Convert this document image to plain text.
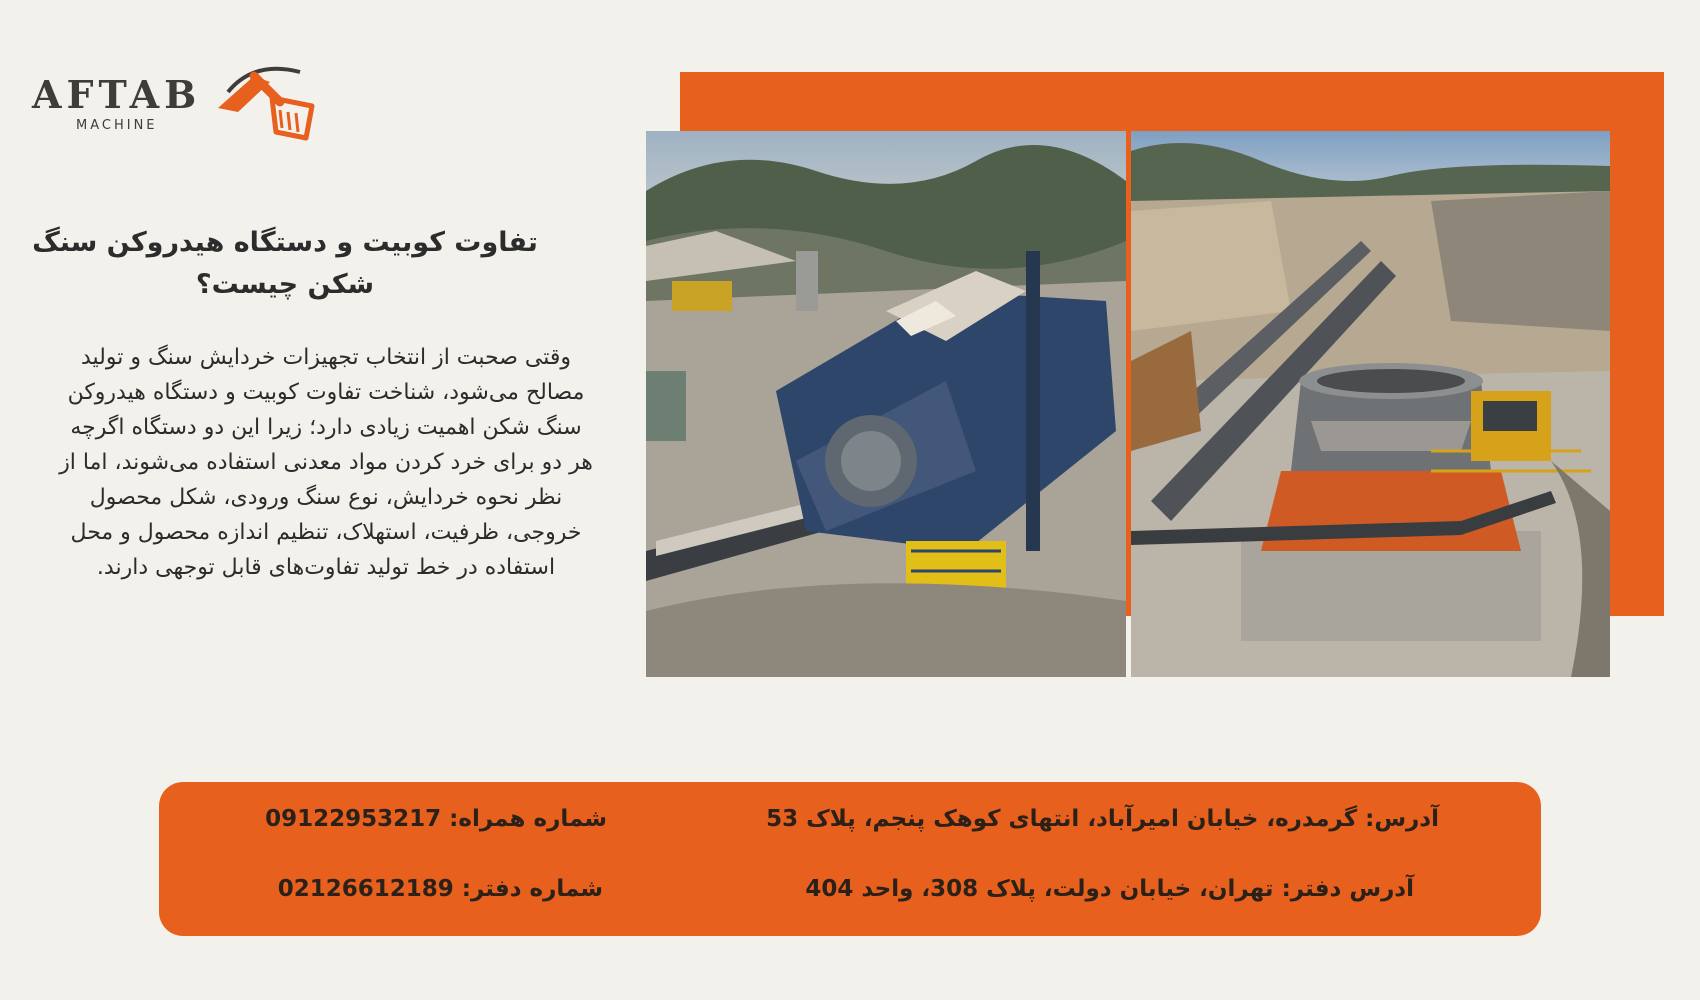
AFTAB
MACHINE
تفاوت کوبیت و دستگاه هیدروکن سنگ شکن چیست؟
وقتی صحبت از انتخاب تجهیزات خردایش سنگ و تولید مصالح می‌شود، شناخت تفاوت کوبیت و دستگاه هیدروکن سنگ شکن اهمیت زیادی دارد؛ زیرا این دو دستگاه اگرچه هر دو برای خرد کردن مواد معدنی استفاده می‌شوند، اما از نظر نحوه خردایش، نوع سنگ ورودی، شکل محصول خروجی، ظرفیت، استهلاک، تنظیم اندازه محصول و محل استفاده در خط تولید تفاوت‌های قابل توجهی دارند.
آدرس: گرمدره، خیابان امیرآباد، انتهای کوهک پنجم، پلاک 53
آدرس دفتر: تهران، خیابان دولت، پلاک 308، واحد 404
شماره همراه: 09122953217
شماره دفتر: 02126612189
